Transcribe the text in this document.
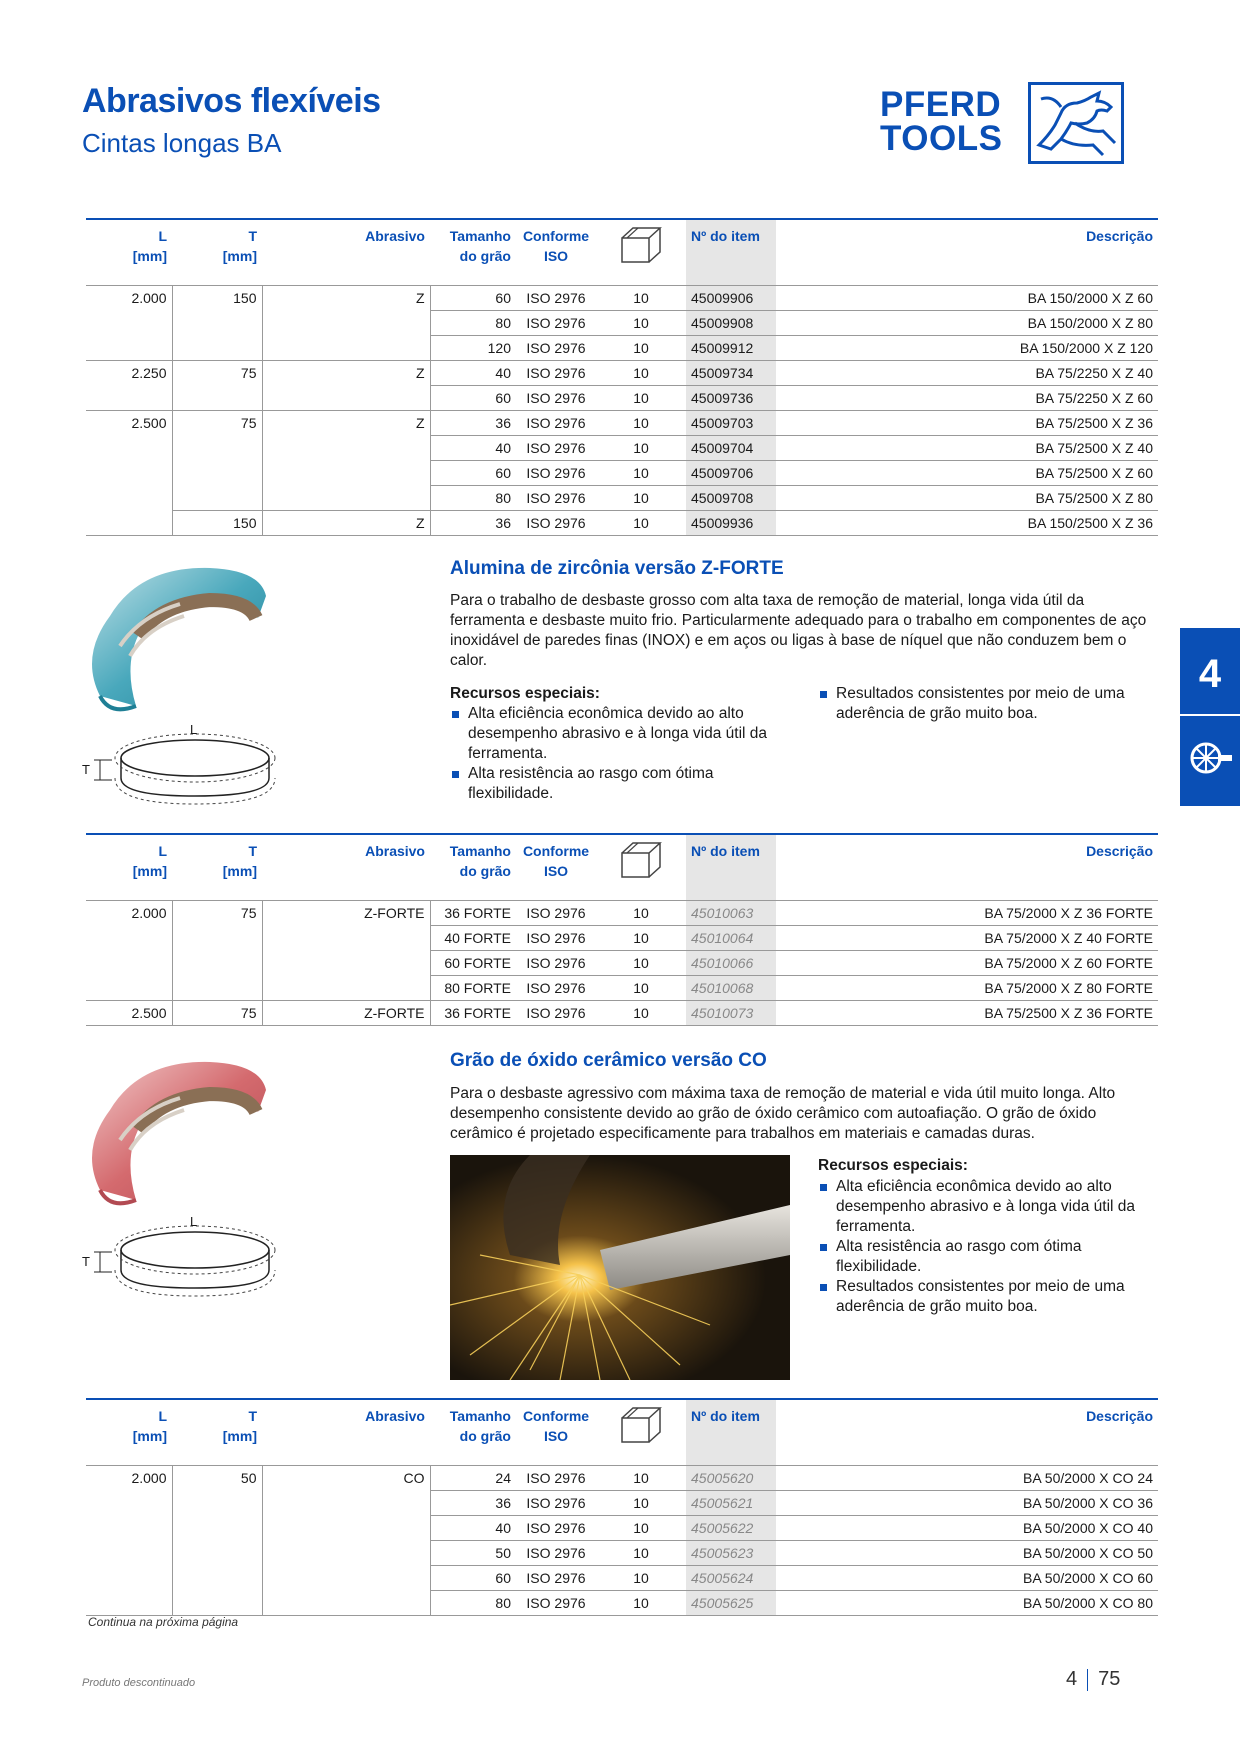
Abrasivos flexíveis
Cintas longas BA
PFERD
TOOLS
L
[mm]	T
[mm]	Abrasivo	Tamanho
do grão	Conforme
ISO		Nº do item	Descrição
2.000	150	Z	60	ISO 2976	10	45009906	BA 150/2000 X Z 60
			80	ISO 2976	10	45009908	BA 150/2000 X Z 80
			120	ISO 2976	10	45009912	BA 150/2000 X Z 120
2.250	75	Z	40	ISO 2976	10	45009734	BA 75/2250 X Z 40
			60	ISO 2976	10	45009736	BA 75/2250 X Z 60
2.500	75	Z	36	ISO 2976	10	45009703	BA 75/2500 X Z 36
			40	ISO 2976	10	45009704	BA 75/2500 X Z 40
			60	ISO 2976	10	45009706	BA 75/2500 X Z 60
			80	ISO 2976	10	45009708	BA 75/2500 X Z 80
	150	Z	36	ISO 2976	10	45009936	BA 150/2500 X Z 36
L
T
Alumina de zircônia versão Z-FORTE
Para o trabalho de desbaste grosso com alta taxa de remoção de material, longa vida útil da ferramenta e desbaste muito frio. Particularmente adequado para o trabalho em componentes de aço inoxidável de paredes finas (INOX) e em aços ou ligas à base de níquel que não conduzem bem o calor.
Recursos especiais:
Alta eficiência econômica devido ao alto desempenho abrasivo e à longa vida útil da ferramenta.
Alta resistência ao rasgo com ótima flexibilidade.
Resultados consistentes por meio de uma aderência de grão muito boa.
L
[mm]	T
[mm]	Abrasivo	Tamanho
do grão	Conforme
ISO		Nº do item	Descrição
2.000	75	Z-FORTE	36 FORTE	ISO 2976	10	45010063	BA 75/2000 X Z 36 FORTE
			40 FORTE	ISO 2976	10	45010064	BA 75/2000 X Z 40 FORTE
			60 FORTE	ISO 2976	10	45010066	BA 75/2000 X Z 60 FORTE
			80 FORTE	ISO 2976	10	45010068	BA 75/2000 X Z 80 FORTE
2.500	75	Z-FORTE	36 FORTE	ISO 2976	10	45010073	BA 75/2500 X Z 36 FORTE
L
T
Grão de óxido cerâmico versão CO
Para o desbaste agressivo com máxima taxa de remoção de material e vida útil muito longa. Alto desempenho consistente devido ao grão de óxido cerâmico com autoafiação. O grão de óxido cerâmico é projetado especificamente para trabalhos em materiais e camadas duras.
Recursos especiais:
Alta eficiência econômica devido ao alto desempenho abrasivo e à longa vida útil da ferramenta.
Alta resistência ao rasgo com ótima flexibilidade.
Resultados consistentes por meio de uma aderência de grão muito boa.
L
[mm]	T
[mm]	Abrasivo	Tamanho
do grão	Conforme
ISO		Nº do item	Descrição
2.000	50	CO	24	ISO 2976	10	45005620	BA 50/2000 X CO 24
			36	ISO 2976	10	45005621	BA 50/2000 X CO 36
			40	ISO 2976	10	45005622	BA 50/2000 X CO 40
			50	ISO 2976	10	45005623	BA 50/2000 X CO 50
			60	ISO 2976	10	45005624	BA 50/2000 X CO 60
			80	ISO 2976	10	45005625	BA 50/2000 X CO 80
4
Continua na próxima página
Produto descontinuado	4 75
